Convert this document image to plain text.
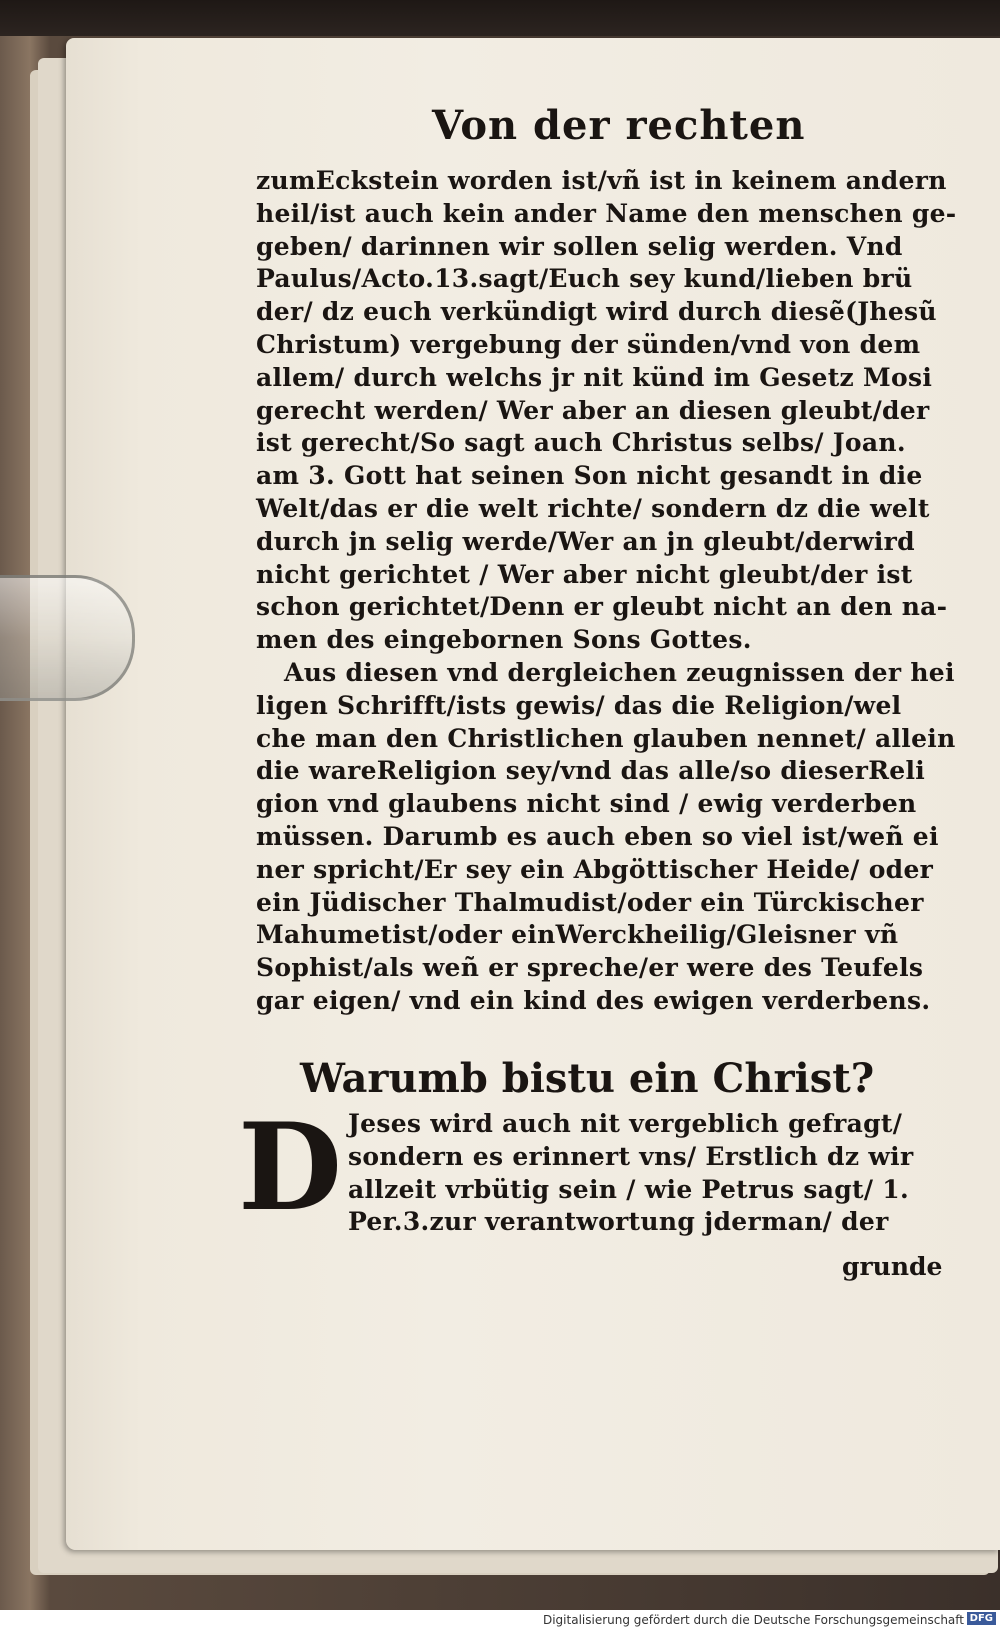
Von der rechten
zumEckstein worden ist/vñ ist in keinem andern
heil/ist auch kein ander Name den menschen ge-
geben/ darinnen wir sollen selig werden. Vnd
Paulus/Acto.13.sagt/Euch sey kund/lieben brü
der/ dz euch verkündigt wird durch diesẽ(Jhesũ
Christum) vergebung der sünden/vnd von dem
allem/ durch welchs jr nit künd im Gesetz Mosi
gerecht werden/ Wer aber an diesen gleubt/der
ist gerecht/So sagt auch Christus selbs/ Joan.
am 3. Gott hat seinen Son nicht gesandt in die
Welt/das er die welt richte/ sondern dz die welt
durch jn selig werde/Wer an jn gleubt/derwird
nicht gerichtet / Wer aber nicht gleubt/der ist
schon gerichtet/Denn er gleubt nicht an den na-
men des eingebornen Sons Gottes.
Aus diesen vnd dergleichen zeugnissen der hei
ligen Schrifft/ists gewis/ das die Religion/wel
che man den Christlichen glauben nennet/ allein
die wareReligion sey/vnd das alle/so dieserReli
gion vnd glaubens nicht sind / ewig verderben
müssen. Darumb es auch eben so viel ist/weñ ei
ner spricht/Er sey ein Abgöttischer Heide/ oder
ein Jüdischer Thalmudist/oder ein Türckischer
Mahumetist/oder einWerckheilig/Gleisner vñ
Sophist/als weñ er spreche/er were des Teufels
gar eigen/ vnd ein kind des ewigen verderbens.
Warumb bistu ein Christ?
D Jeses wird auch nit vergeblich gefragt/
sondern es erinnert vns/ Erstlich dz wir
allzeit vrbütig sein / wie Petrus sagt/ 1.
Per.3.zur verantwortung jderman/ der
grunde
Digitalisierung gefördert durch die Deutsche Forschungsgemeinschaft DFG
